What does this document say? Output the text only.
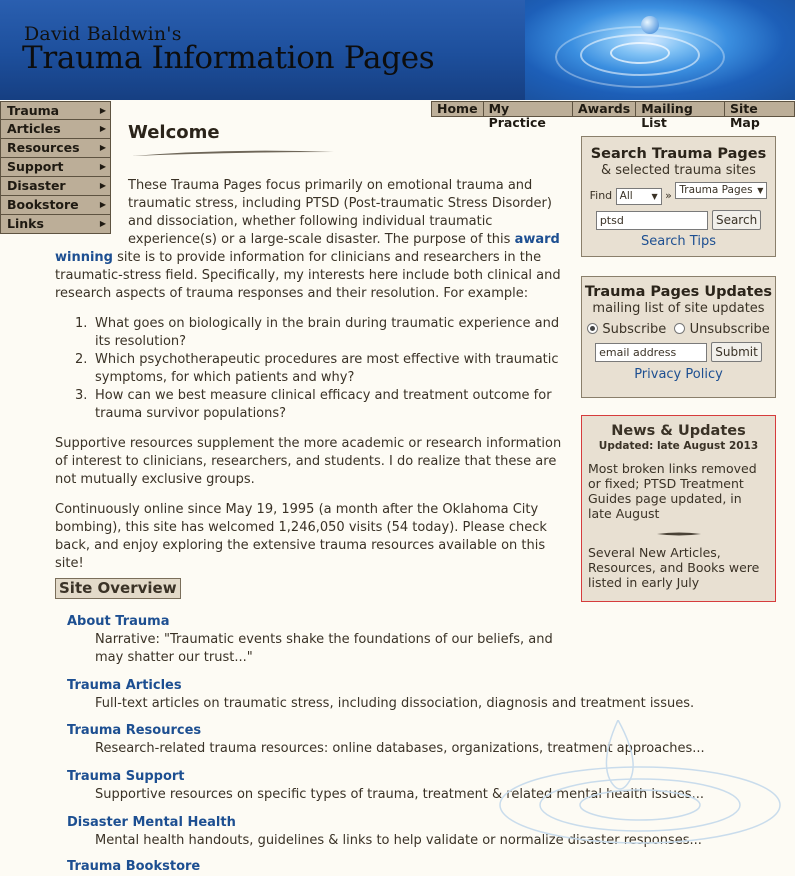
David Baldwin's
Trauma Information Pages
Trauma	▶
Articles	▶
Resources	▶
Support	▶
Disaster	▶
Bookstore	▶
Links	▶
Home My Practice
Awards Mailing List
Site Map
Welcome
These Trauma Pages focus primarily on emotional trauma and traumatic stress, including PTSD (Post-traumatic Stress Disorder) and dissociation, whether following individual traumatic experience(s) or a large-scale disaster. The purpose of this award winning site is to provide information for clinicians and researchers in the traumatic-stress field. Specifically, my interests here include both clinical and research aspects of trauma responses and their resolution. For example:
1. What goes on biologically in the brain during traumatic experience and its resolution?
2. Which psychotherapeutic procedures are most effective with traumatic symptoms, for which patients and why?
3. How can we best measure clinical efficacy and treatment outcome for trauma survivor populations?
Supportive resources supplement the more academic or research information of interest to clinicians, researchers, and students. I do realize that these are not mutually exclusive groups.
Continuously online since May 19, 1995 (a month after the Oklahoma City bombing), this site has welcomed 1,246,050 visits (54 today). Please check back, and enjoy exploring the extensive trauma resources available on this site!
Site Overview
About Trauma
Narrative: "Traumatic events shake the foundations of our beliefs, and may shatter our trust..."
Trauma Articles
Full-text articles on traumatic stress, including dissociation, diagnosis and treatment issues.
Trauma Resources
Research-related trauma resources: online databases, organizations, treatment approaches...
Trauma Support
Supportive resources on specific types of trauma, treatment & related mental health issues...
Disaster Mental Health
Mental health handouts, guidelines & links to help validate or normalize disaster responses...
Trauma Bookstore
Search Trauma Pages
& selected trauma sites
Find All ▼ » Trauma Pages ▼
ptsd	Search
Search Tips
Trauma Pages Updates
mailing list of site updates
Subscribe Unsubscribe
email address	Submit
Privacy Policy
News & Updates
Updated: late August 2013
Most broken links removed or fixed; PTSD Treatment Guides page updated, in late August
Several New Articles, Resources, and Books were listed in early July
